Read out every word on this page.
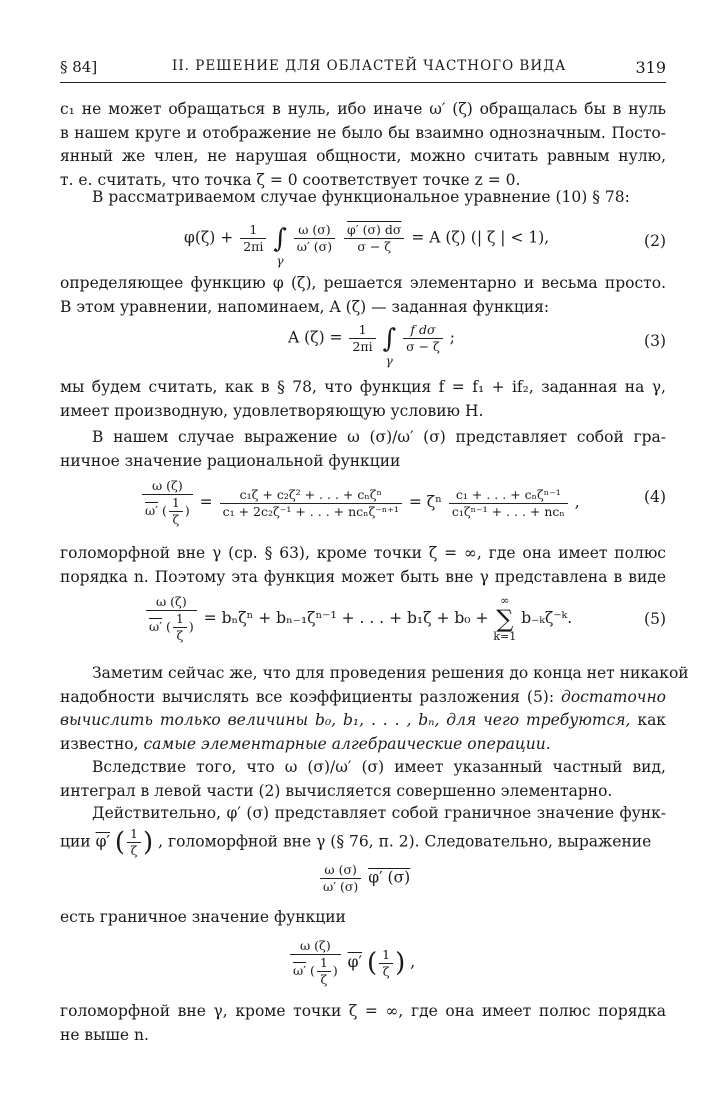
§ 84]	II. РЕШЕНИЕ ДЛЯ ОБЛАСТЕЙ ЧАСТНОГО ВИДА	319
c₁ не может обращаться в нуль, ибо иначе ω′ (ζ) обращалась бы в нуль
в нашем круге и отображение не было бы взаимно однозначным. Посто-
янный же член, не нарушая общности, можно считать равным нулю,
т. е. считать, что точка ζ = 0 соответствует точке z = 0.
В рассматриваемом случае функциональное уравнение (10) § 78:
$\varphi(\zeta) + \frac{1}{2\pi i}$ ∫
γ

$\frac{\omega (\sigma)}{\omega' (\sigma)}$
$\frac{\varphi' (\sigma) d\sigma}{\sigma - \zeta} = A$ (ζ) (| ζ | < 1),	(2)
определяющее функцию φ (ζ), решается элементарно и весьма просто.
В этом уравнении, напоминаем, A (ζ) — заданная функция:
A $(\zeta) = \frac{1}{2\pi i}$ ∫
γ

$\frac{\text{f dσ}}{\sigma - \zeta}$ ;	(3)
мы будем считать, как в § 78, что функция f = f₁ + if₂, заданная на γ,
имеет производную, удовлетворяющую условию H.
В нашем случае выражение ω (σ)/ω′ (σ) представляет собой гра-
ничное значение рациональной функции
$\frac{\omega (\zeta)}{\omega' ( \frac{1}{\zeta} )} = \frac{\text{c₁ζ + c₂ζ² + . . . + cₙζⁿ}}{\text{c₁ + 2c₂ζ⁻¹ + . . . + ncₙζ⁻ⁿ⁺¹}} = \zeta^n \frac{\text{c₁ + . . . + cₙζⁿ⁻¹}}{\text{c₁ζⁿ⁻¹ + . . . + ncₙ}}$ ,	(4)
голоморфной вне γ (ср. § 63), кроме точки ζ = ∞, где она имеет полюс
порядка n. Поэтому эта функция может быть вне γ представлена в виде
$\frac{\omega (\zeta)}{\omega' ( \frac{1}{\zeta} )} = b_n\zeta^n + b_{n-1}\zeta^{n-1}$ + . . . + b₁ζ + b₀ +
∞
∑
k=1
b₋ₖζ⁻ᵏ.	(5)
Заметим сейчас же, что для проведения решения до конца нет никакой
надобности вычислять все коэффициенты разложения (5): достаточно
вычислить только величины b₀, b₁, . . . , bₙ, для чего требуются, как
известно, самые элементарные алгебраические операции.
Вследствие того, что ω (σ)/ω′ (σ) имеет указанный частный вид,
интеграл в левой части (2) вычисляется совершенно элементарно.
Действительно, φ′ (σ) представляет собой граничное значение функ-
ции φ′ ( $\frac{1}{\zeta}$ ) , голоморфной вне γ (§ 76, п. 2). Следовательно, выражение
$\frac{\omega (\sigma)}{\omega' (\sigma)} \varphi'$ (σ)
есть граничное значение функции
$\frac{\omega (\zeta)}{\omega' ( \frac{1}{\zeta} )} \varphi'$ ( $\frac{1}{\zeta}$ ) ,
голоморфной вне γ, кроме точки ζ = ∞, где она имеет полюс порядка
не выше n.
